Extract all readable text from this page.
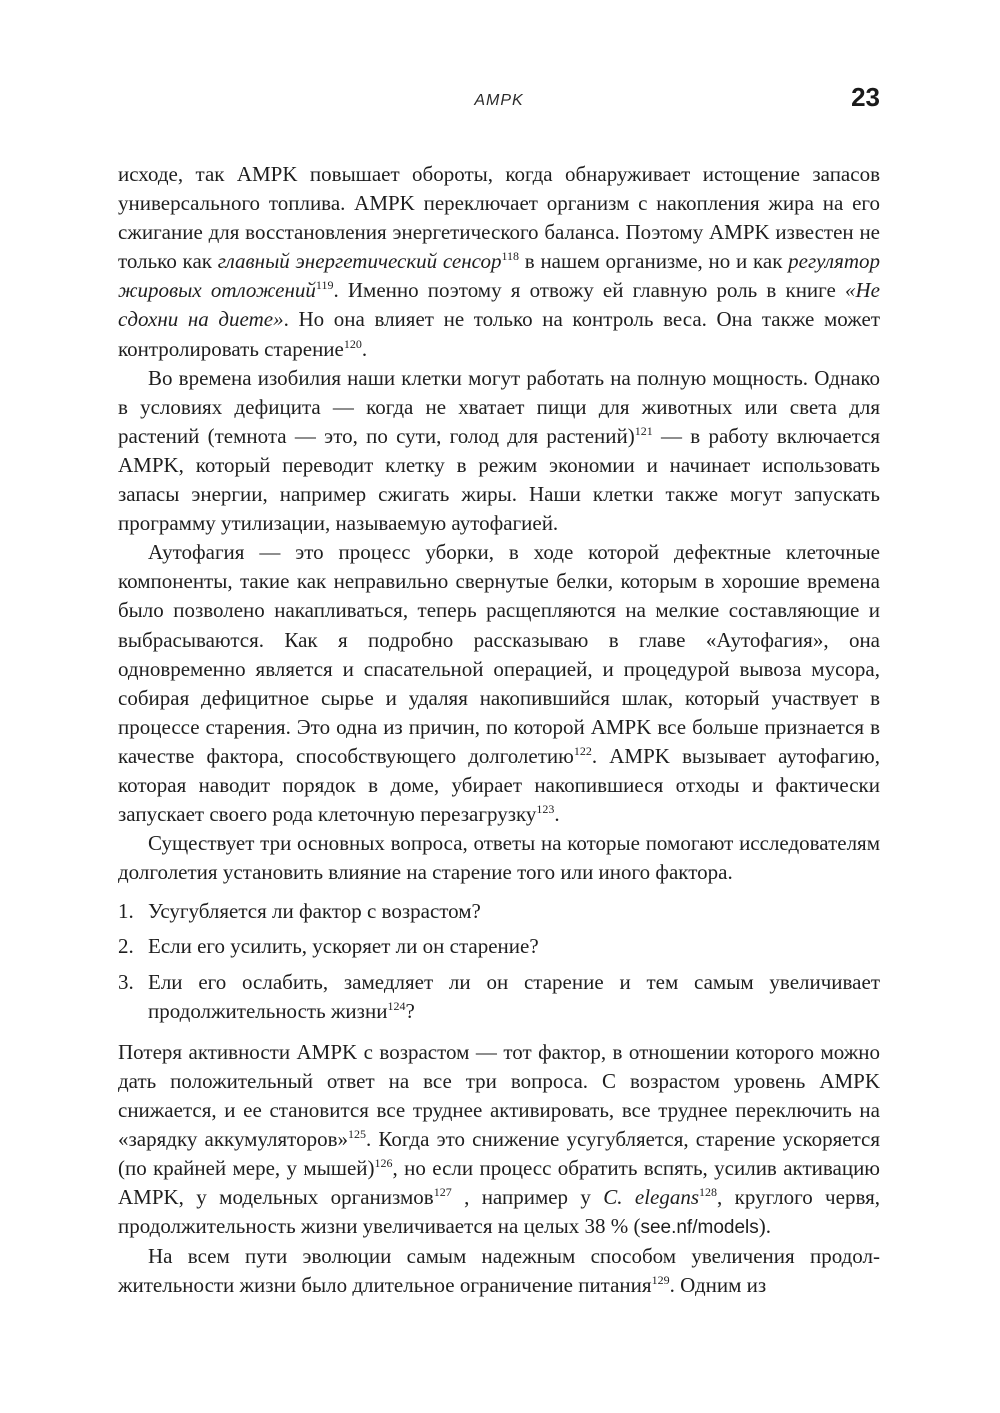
AMPK	23

исходе, так AMPK повышает обороты, когда обнаруживает истощение запасов универсального топлива. AMPK переключает организм с накопления жира на его сжигание для восстановления энергетического баланса. Поэтому AMPK известен не только как главный энергетический сенсор$^{118}$ в нашем организме, но и как регулятор жировых отложений$^{119}$. Именно поэтому я отвожу ей главную роль в книге «Не сдохни на диете». Но она влияет не только на контроль веса. Она также может контролировать старение$^{120}$.

Во времена изобилия наши клетки могут работать на полную мощность. Однако в условиях дефицита — когда не хватает пищи для животных или света для растений (темнота — это, по сути, голод для растений)$^{121}$ — в работу включается AMPK, который переводит клетку в режим экономии и начинает использовать запасы энергии, например сжигать жиры. Наши клетки также могут запускать программу утилизации, называемую аутофагией.

Аутофагия — это процесс уборки, в ходе которой дефектные клеточные компоненты, такие как неправильно свернутые белки, которым в хорошие времена было позволено накапливаться, теперь расщепляются на мелкие составляющие и выбрасываются. Как я подробно рассказываю в главе «Аутофагия», она одновременно является и спасательной операцией, и процедурой вывоза мусора, собирая дефицитное сырье и удаляя накопившийся шлак, который участвует в процессе старения. Это одна из причин, по которой AMPK все больше признается в качестве фактора, способствующего долголетию$^{122}$. AMPK вызывает аутофагию, которая наводит порядок в доме, убирает накопившиеся отходы и фактически запускает своего рода клеточную перезагрузку$^{123}$.

Существует три основных вопроса, ответы на которые помогают исследователям долголетия установить влияние на старение того или иного фактора.

1. Усугубляется ли фактор с возрастом?
2. Если его усилить, ускоряет ли он старение?
3. Ели его ослабить, замедляет ли он старение и тем самым увеличивает продолжительность жизни$^{124}$?

Потеря активности AMPK с возрастом — тот фактор, в отношении которого можно дать положительный ответ на все три вопроса. С возрастом уровень AMPK снижается, и ее становится все труднее активировать, все труднее переключить на «зарядку аккумуляторов»$^{125}$. Когда это снижение усугубляется, старение ускоряется (по крайней мере, у мышей)$^{126}$, но если процесс обратить вспять, усилив активацию AMPK, у модельных организмов$^{127}$ , например у C. elegans$^{128}$, круглого червя, продолжительность жизни увеличивается на целых 38 % (see.nf/models).

На всем пути эволюции самым надежным способом увеличения продолжительности жизни было длительное ограничение питания$^{129}$. Одним из
